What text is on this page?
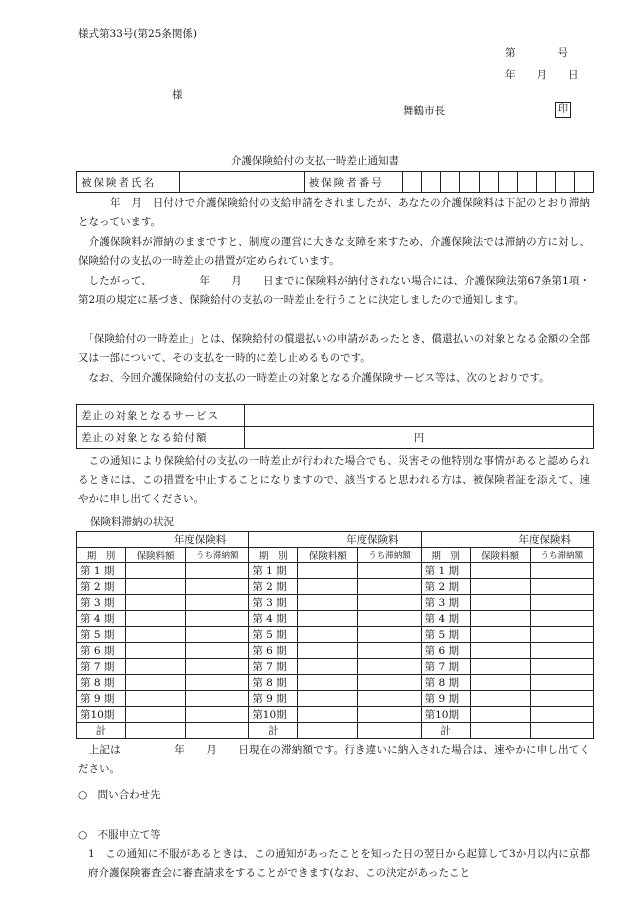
様式第33号(第25条関係)
第　　　　号
年　　月　　日
様
舞鶴市長	印
介護保険給付の支払一時差止通知書
被保険者氏名		被保険者番号										
　　　年　月　日付けで介護保険給付の支給申請をされましたが、あなたの介護保険料は下記のとおり滞納となっています。
　介護保険料が滞納のままですと、制度の運営に大きな支障を来すため、介護保険法では滞納の方に対し、保険給付の支払の一時差止の措置が定められています。
　したがって、　　　　　年　　月　　日までに保険料が納付されない場合には、介護保険法第67条第1項・第2項の規定に基づき、保険給付の支払の一時差止を行うことに決定しましたので通知します。
　「保険給付の一時差止」とは、保険給付の償還払いの申請があったとき、償還払いの対象となる金額の全部又は一部について、その支払を一時的に差し止めるものです。
　なお、今回介護保険給付の支払の一時差止の対象となる介護保険サービス等は、次のとおりです。
差止の対象となるサービス	
差止の対象となる給付額	円
　この通知により保険給付の支払の一時差止が行われた場合でも、災害その他特別な事情があると認められるときには、この措置を中止することになりますので、該当すると思われる方は、被保険者証を添えて、速やかに申し出てください。
保険料滞納の状況
年度保険料			年度保険料			年度保険料		
期　別	保険料額	うち滞納額	期　別	保険料額	うち滞納額	期　別	保険料額	うち滞納額
第 1 期			第 1 期			第 1 期		
第 2 期			第 2 期			第 2 期		
第 3 期			第 3 期			第 3 期		
第 4 期			第 4 期			第 4 期		
第 5 期			第 5 期			第 5 期		
第 6 期			第 6 期			第 6 期		
第 7 期			第 7 期			第 7 期		
第 8 期			第 8 期			第 8 期		
第 9 期			第 9 期			第 9 期		
第10期			第10期			第10期		
計			計			計		
　上記は　　　　　年　　月　　日現在の滞納額です。行き違いに納入された場合は、速やかに申し出てください。
○　問い合わせ先
○　不服申立て等
1　この通知に不服があるときは、この通知があったことを知った日の翌日から起算して3か月以内に京都府介護保険審査会に審査請求をすることができます(なお、この決定があったこと
